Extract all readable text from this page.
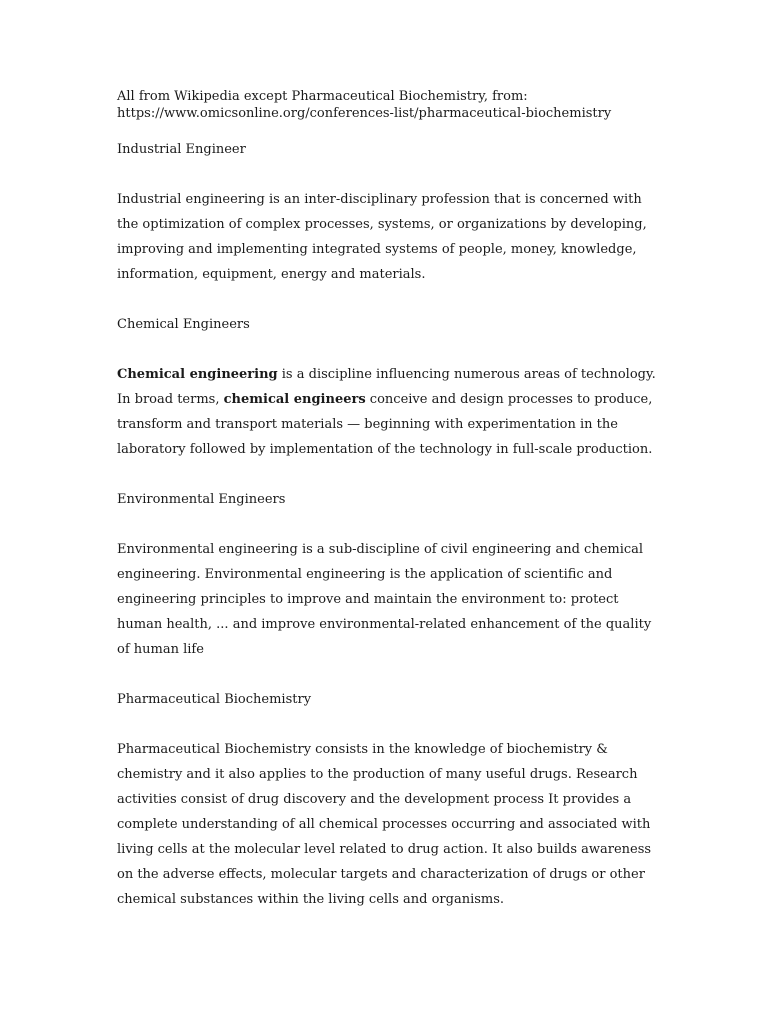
All from Wikipedia except Pharmaceutical Biochemistry, from:
https://www.omicsonline.org/conferences-list/pharmaceutical-biochemistry

Industrial Engineer

Industrial engineering is an inter-disciplinary profession that is concerned with the optimization of complex processes, systems, or organizations by developing, improving and implementing integrated systems of people, money, knowledge, information, equipment, energy and materials.

Chemical Engineers

Chemical engineering is a discipline influencing numerous areas of technology. In broad terms, chemical engineers conceive and design processes to produce, transform and transport materials — beginning with experimentation in the laboratory followed by implementation of the technology in full-scale production.

Environmental Engineers

Environmental engineering is a sub-discipline of civil engineering and chemical engineering. Environmental engineering is the application of scientific and engineering principles to improve and maintain the environment to: protect human health, ... and improve environmental-related enhancement of the quality of human life

Pharmaceutical Biochemistry

Pharmaceutical Biochemistry consists in the knowledge of biochemistry & chemistry and it also applies to the production of many useful drugs. Research activities consist of drug discovery and the development process It provides a complete understanding of all chemical processes occurring and associated with living cells at the molecular level related to drug action. It also builds awareness on the adverse effects, molecular targets and characterization of drugs or other chemical substances within the living cells and organisms.
